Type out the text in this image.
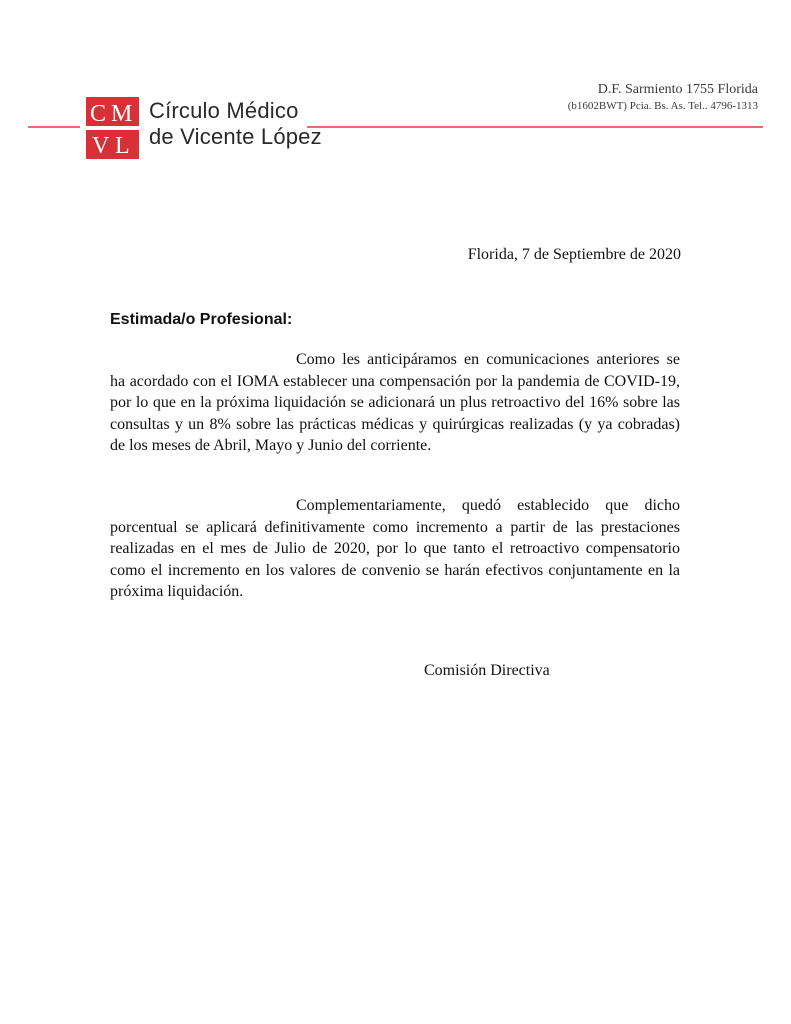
C M
V L
Círculo Médico
de Vicente López
D.F. Sarmiento 1755 Florida
(b1602BWT) Pcia. Bs. As. Tel.. 4796-1313
Florida, 7 de Septiembre de 2020
Estimada/o Profesional:

Como les anticipáramos en comunicaciones anteriores se ha acordado con el IOMA establecer una compensación por la pandemia de COVID-19, por lo que en la próxima liquidación se adicionará un plus retroactivo del 16% sobre las consultas y un 8% sobre las prácticas médicas y quirúrgicas realizadas (y ya cobradas) de los meses de Abril, Mayo y Junio del corriente.

Complementariamente, quedó establecido que dicho porcentual se aplicará definitivamente como incremento a partir de las prestaciones realizadas en el mes de Julio de 2020, por lo que tanto el retroactivo compensatorio como el incremento en los valores de convenio se harán efectivos conjuntamente en la próxima liquidación.

Comisión Directiva
